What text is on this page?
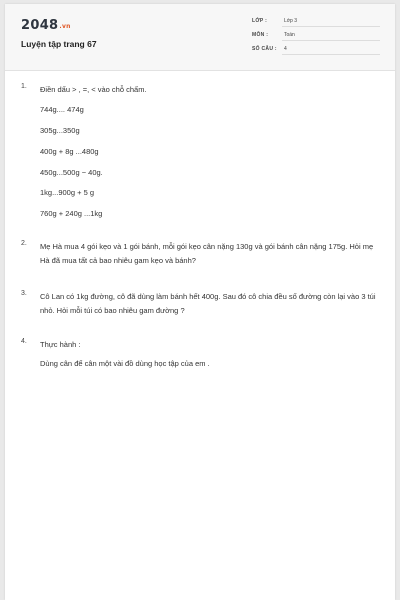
2048.vn
Luyện tập trang 67
LỚP :	Lớp 3
MÔN :	Toán
SỐ CÂU : 4
1.	Điền dấu > , =, < vào chỗ chấm.
744g.... 474g
305g...350g
400g + 8g ...480g
450g...500g − 40g.
1kg...900g + 5 g
760g + 240g ...1kg
2.	Mẹ Hà mua 4 gói kẹo và 1 gói bánh, mỗi gói kẹo cân nặng 130g và gói bánh cân nặng 175g. Hỏi mẹ Hà đã mua tất cả bao nhiêu gam kẹo và bánh?
3.	Cô Lan có 1kg đường, cô đã dùng làm bánh hết 400g. Sau đó cô chia đều số đường còn lại vào 3 túi nhỏ. Hỏi mỗi túi có bao nhiêu gam đường ?
4.	Thực hành :
Dùng cân để cân một vài đồ dùng học tập của em .
